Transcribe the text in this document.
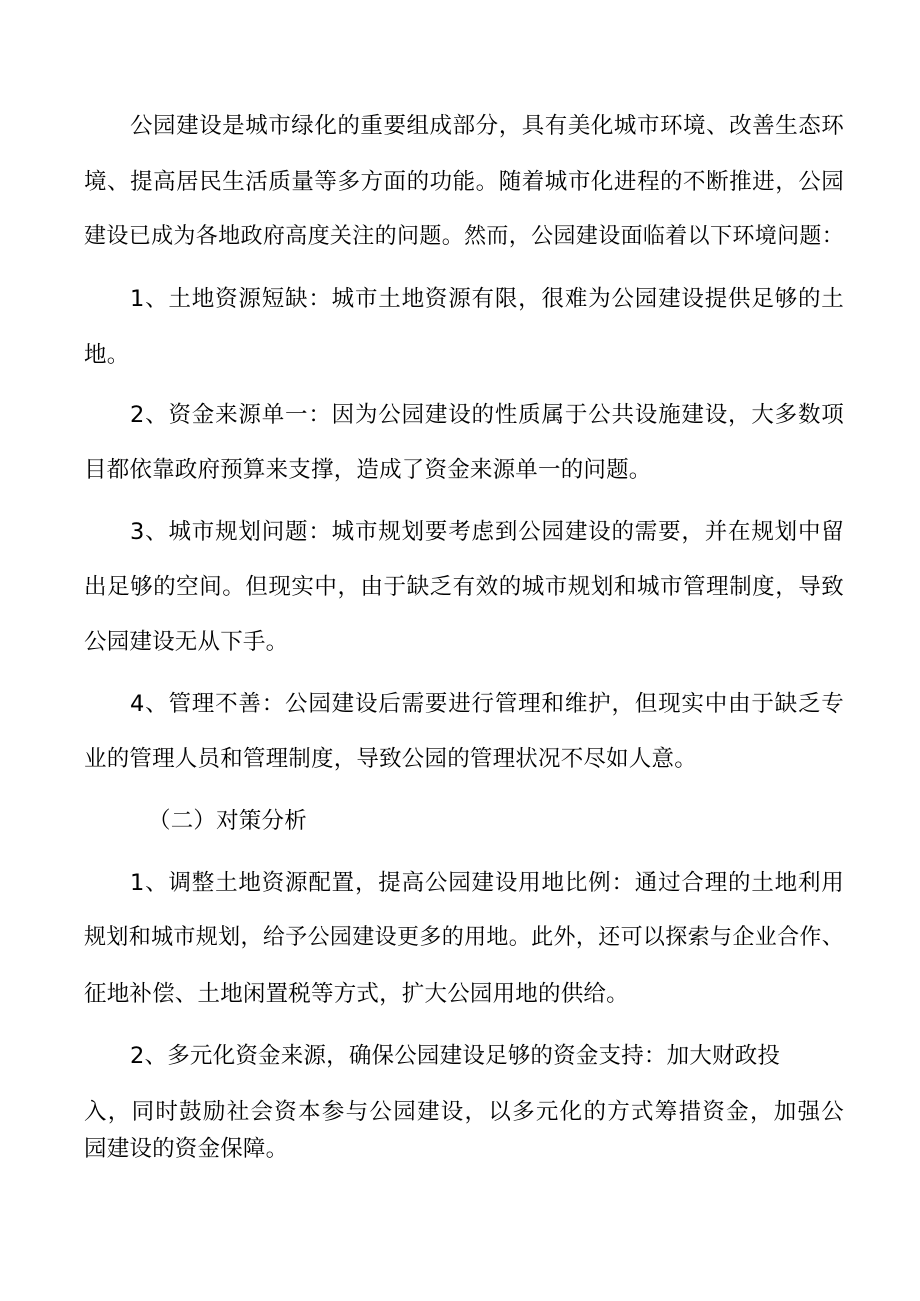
公园建设是城市绿化的重要组成部分，具有美化城市环境、改善生态环
境、提高居民生活质量等多方面的功能。随着城市化进程的不断推进，公园
建设已成为各地政府高度关注的问题。然而，公园建设面临着以下环境问题：
1、土地资源短缺：城市土地资源有限，很难为公园建设提供足够的土
地。
2、资金来源单一：因为公园建设的性质属于公共设施建设，大多数项
目都依靠政府预算来支撑，造成了资金来源单一的问题。
3、城市规划问题：城市规划要考虑到公园建设的需要，并在规划中留
出足够的空间。但现实中，由于缺乏有效的城市规划和城市管理制度，导致
公园建设无从下手。
4、管理不善：公园建设后需要进行管理和维护，但现实中由于缺乏专
业的管理人员和管理制度，导致公园的管理状况不尽如人意。
（二）对策分析
1、调整土地资源配置，提高公园建设用地比例：通过合理的土地利用
规划和城市规划，给予公园建设更多的用地。此外，还可以探索与企业合作、
征地补偿、土地闲置税等方式，扩大公园用地的供给。
2、多元化资金来源，确保公园建设足够的资金支持：加大财政投
入，同时鼓励社会资本参与公园建设，以多元化的方式筹措资金，加强公
园建设的资金保障。
